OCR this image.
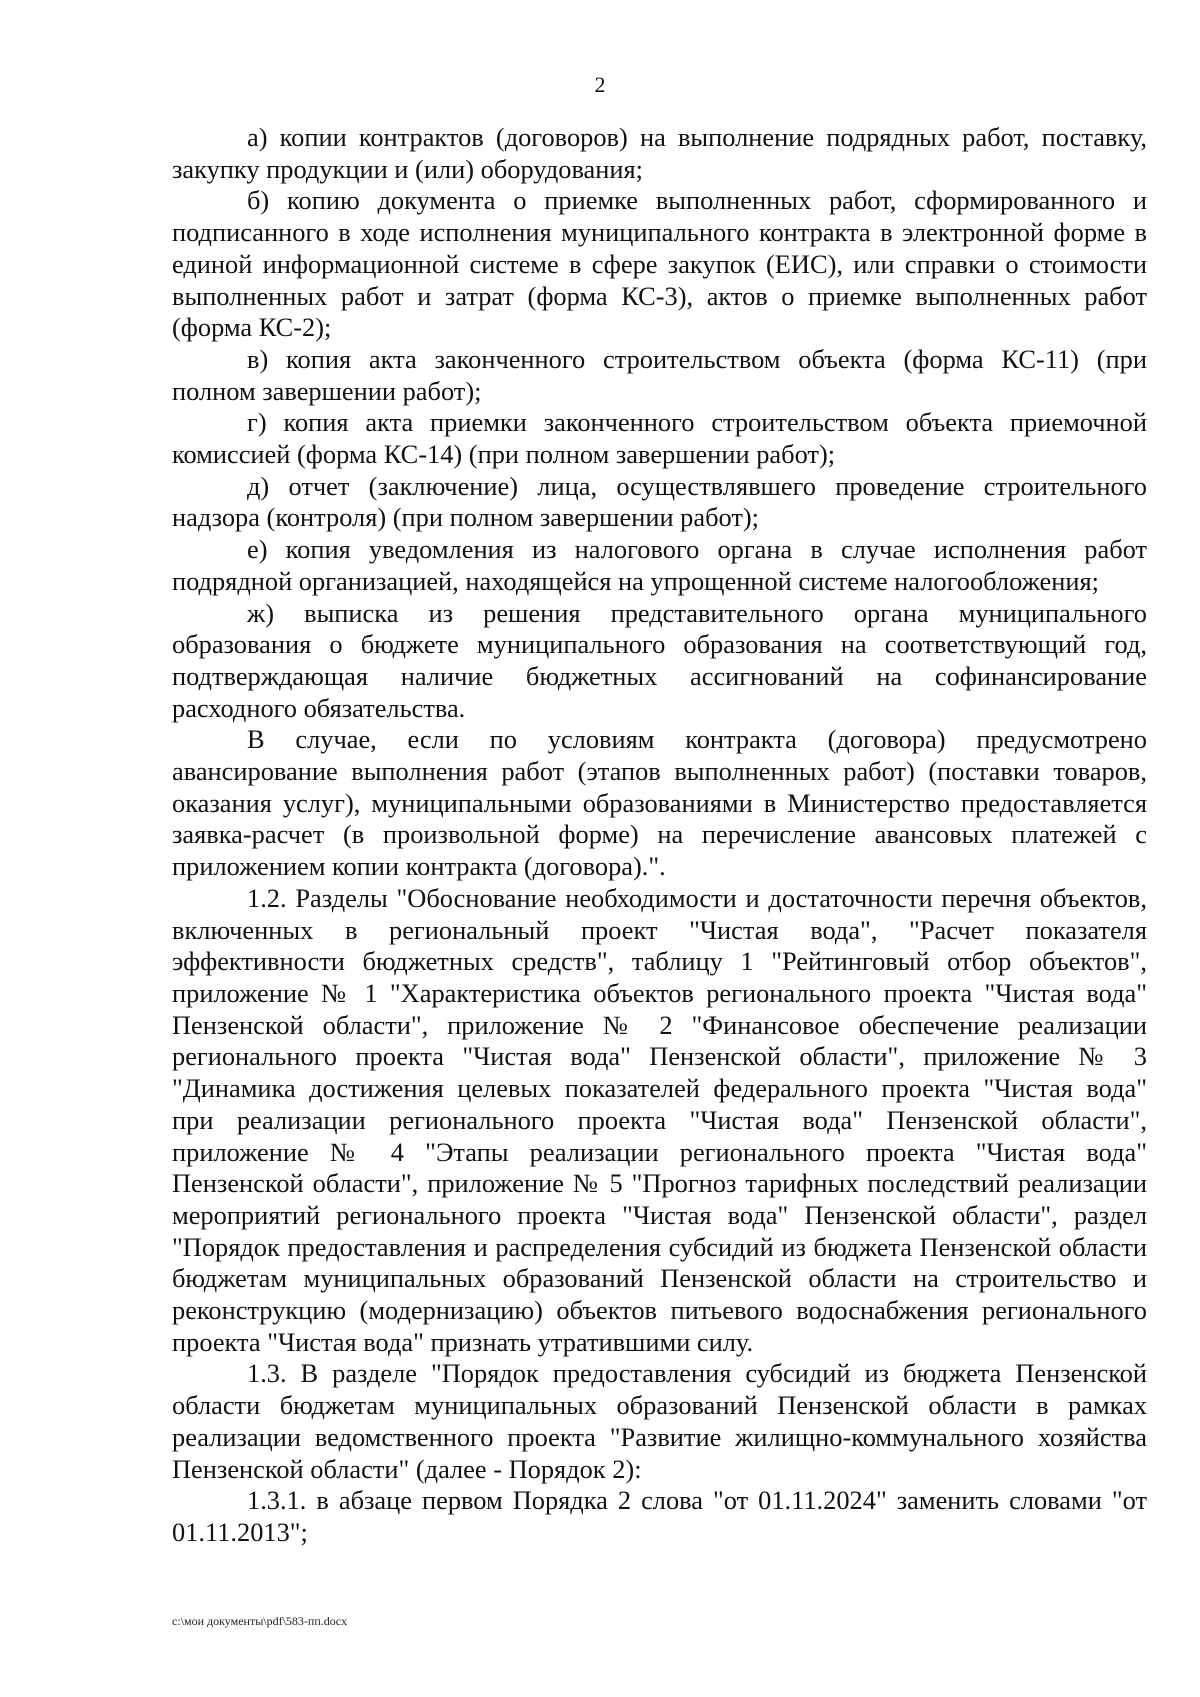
2

а) копии контрактов (договоров) на выполнение подрядных работ, поставку, закупку продукции и (или) оборудования;

б) копию документа о приемке выполненных работ, сформированного и подписанного в ходе исполнения муниципального контракта в электронной форме в единой информационной системе в сфере закупок (ЕИС), или справки о стоимости выполненных работ и затрат (форма КС-3), актов о приемке выполненных работ (форма КС-2);

в) копия акта законченного строительством объекта (форма КС-11) (при полном завершении работ);

г) копия акта приемки законченного строительством объекта приемочной комиссией (форма КС-14) (при полном завершении работ);

д) отчет (заключение) лица, осуществлявшего проведение строительного надзора (контроля) (при полном завершении работ);

е) копия уведомления из налогового органа в случае исполнения работ подрядной организацией, находящейся на упрощенной системе налогообложения;

ж) выписка из решения представительного органа муниципального образования о бюджете муниципального образования на соответствующий год, подтверждающая наличие бюджетных ассигнований на софинансирование расходного обязательства.

В случае, если по условиям контракта (договора) предусмотрено авансирование выполнения работ (этапов выполненных работ) (поставки товаров, оказания услуг), муниципальными образованиями в Министерство предоставляется заявка-расчет (в произвольной форме) на перечисление авансовых платежей с приложением копии контракта (договора).".

1.2. Разделы "Обоснование необходимости и достаточности перечня объектов, включенных в региональный проект "Чистая вода", "Расчет показателя эффективности бюджетных средств", таблицу 1 "Рейтинговый отбор объектов", приложение № 1 "Характеристика объектов регионального проекта "Чистая вода" Пензенской области", приложение № 2 "Финансовое обеспечение реализации регионального проекта "Чистая вода" Пензенской области", приложение № 3 "Динамика достижения целевых показателей федерального проекта "Чистая вода" при реализации регионального проекта "Чистая вода" Пензенской области", приложение № 4 "Этапы реализации регионального проекта "Чистая вода" Пензенской области", приложение № 5 "Прогноз тарифных последствий реализации мероприятий регионального проекта "Чистая вода" Пензенской области", раздел "Порядок предоставления и распределения субсидий из бюджета Пензенской области бюджетам муниципальных образований Пензенской области на строительство и реконструкцию (модернизацию) объектов питьевого водоснабжения регионального проекта "Чистая вода" признать утратившими силу.

1.3. В разделе "Порядок предоставления субсидий из бюджета Пензенской области бюджетам муниципальных образований Пензенской области в рамках реализации ведомственного проекта "Развитие жилищно-коммунального хозяйства Пензенской области" (далее - Порядок 2):

1.3.1. в абзаце первом Порядка 2 слова "от 01.11.2024" заменить словами "от 01.11.2013";

c:\мои документы\pdf\583-пп.docx
